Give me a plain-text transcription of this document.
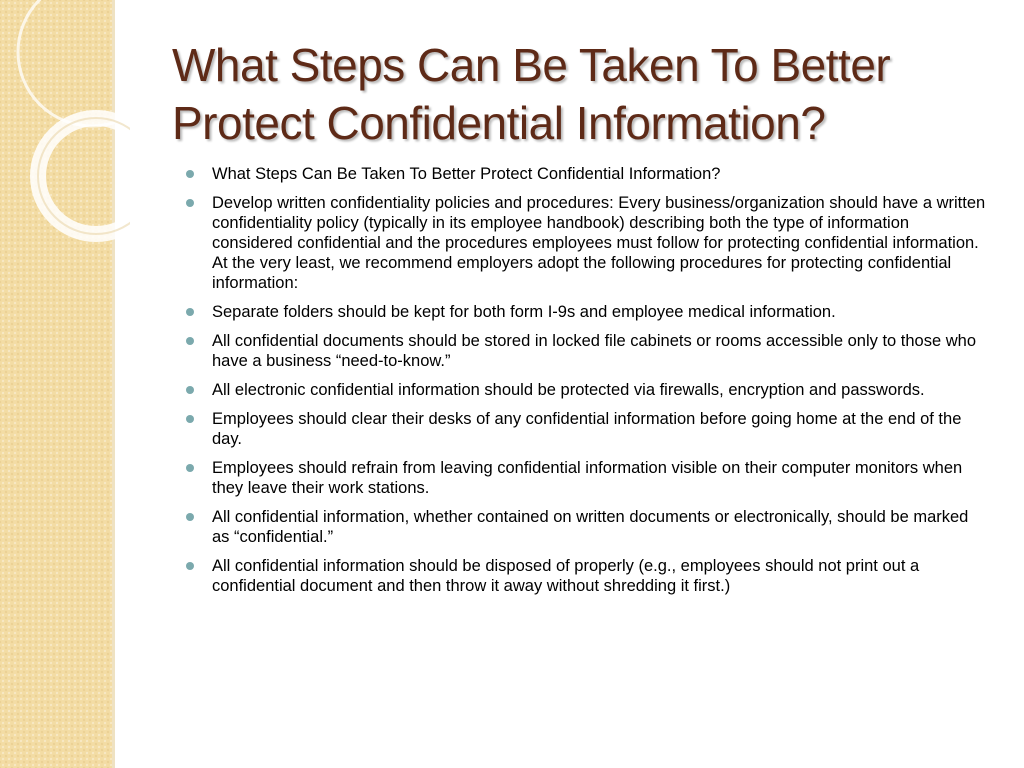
What Steps Can Be Taken To Better Protect Confidential Information?
What Steps Can Be Taken To Better Protect Confidential Information?
Develop written confidentiality policies and procedures: Every business/organization should have a written confidentiality policy (typically in its employee handbook) describing both the type of information considered confidential and the procedures employees must follow for protecting confidential information. At the very least, we recommend employers adopt the following procedures for protecting confidential information:
Separate folders should be kept for both form I-9s and employee medical information.
All confidential documents should be stored in locked file cabinets or rooms accessible only to those who have a business “need-to-know.”
All electronic confidential information should be protected via firewalls, encryption and passwords.
Employees should clear their desks of any confidential information before going home at the end of the day.
Employees should refrain from leaving confidential information visible on their computer monitors when they leave their work stations.
All confidential information, whether contained on written documents or electronically, should be marked as “confidential.”
All confidential information should be disposed of properly (e.g., employees should not print out a confidential document and then throw it away without shredding it first.)
